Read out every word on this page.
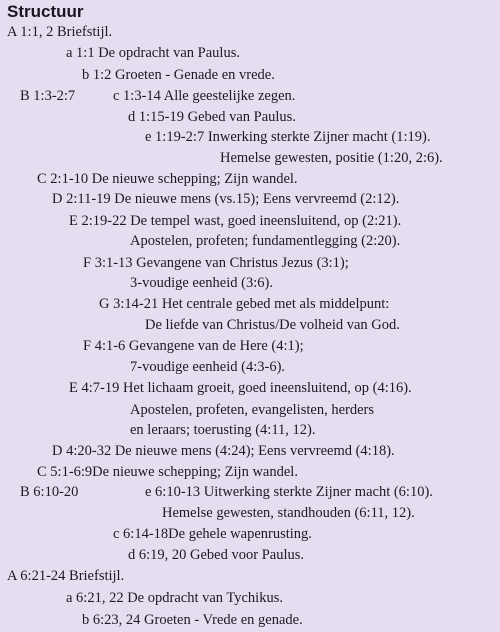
Structuur
A 1:1, 2 Briefstijl.
a 1:1 De opdracht van Paulus.
b 1:2 Groeten - Genade en vrede.
B 1:3-2:7	c 1:3-14 Alle geestelijke zegen.
d 1:15-19 Gebed van Paulus.
e 1:19-2:7 Inwerking sterkte Zijner macht (1:19).
Hemelse gewesten, positie (1:20, 2:6).
C 2:1-10 De nieuwe schepping; Zijn wandel.
D 2:11-19 De nieuwe mens (vs.15); Eens vervreemd (2:12).
E 2:19-22 De tempel wast, goed ineensluitend, op (2:21).
Apostelen, profeten; fundamentlegging (2:20).
F 3:1-13 Gevangene van Christus Jezus (3:1);
3-voudige eenheid (3:6).
G 3:14-21 Het centrale gebed met als middelpunt:
De liefde van Christus/De volheid van God.
F 4:1-6 Gevangene van de Here (4:1);
7-voudige eenheid (4:3-6).
E 4:7-19 Het lichaam groeit, goed ineensluitend, op (4:16).
Apostelen, profeten, evangelisten, herders
en leraars; toerusting (4:11, 12).
D 4:20-32 De nieuwe mens (4:24); Eens vervreemd (4:18).
C 5:1-6:9De nieuwe schepping; Zijn wandel.
B 6:10-20	e 6:10-13 Uitwerking sterkte Zijner macht (6:10).
Hemelse gewesten, standhouden (6:11, 12).
c 6:14-18De gehele wapenrusting.
d 6:19, 20 Gebed voor Paulus.
A 6:21-24 Briefstijl.
a 6:21, 22 De opdracht van Tychikus.
b 6:23, 24 Groeten - Vrede en genade.
